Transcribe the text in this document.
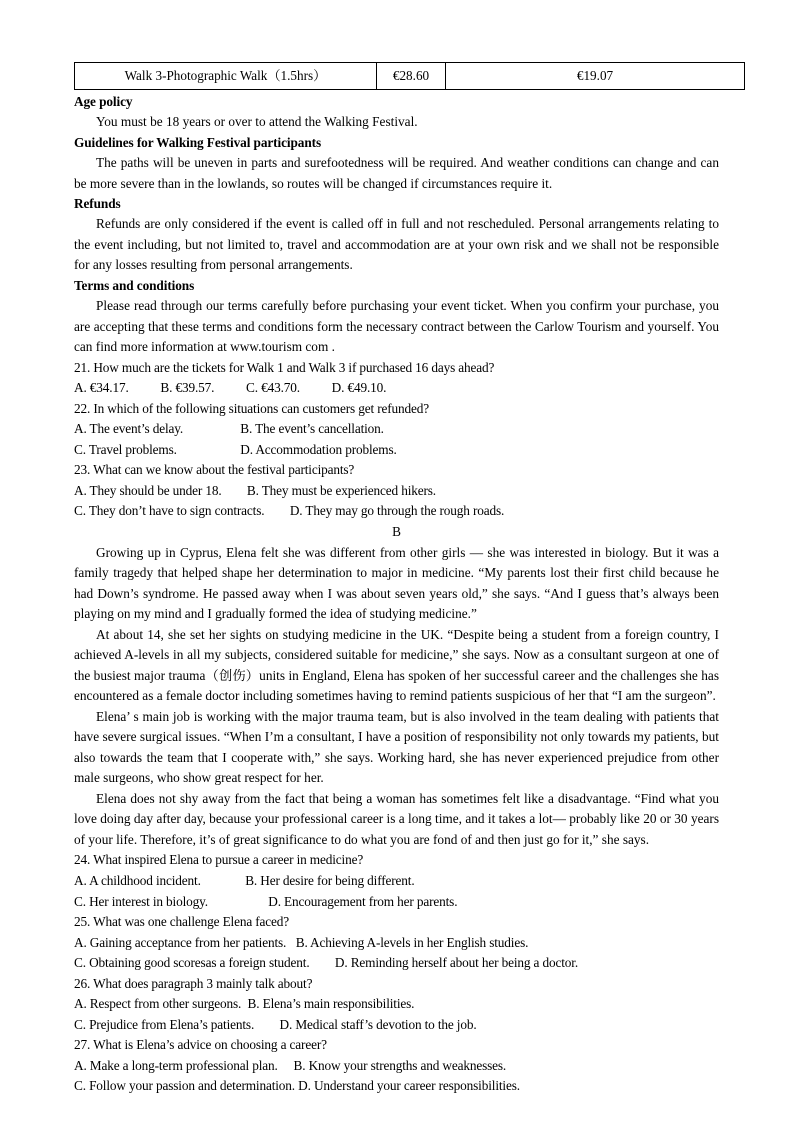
Walk 3-Photographic Walk（1.5hrs）	€28.60	€19.07
Age policy
You must be 18 years or over to attend the Walking Festival.
Guidelines for Walking Festival participants
The paths will be uneven in parts and surefootedness will be required. And weather conditions can change and can be more severe than in the lowlands, so routes will be changed if circumstances require it.
Refunds
Refunds are only considered if the event is called off in full and not rescheduled. Personal arrangements relating to the event including, but not limited to, travel and accommodation are at your own risk and we shall not be responsible for any losses resulting from personal arrangements.
Terms and conditions
Please read through our terms carefully before purchasing your event ticket. When you confirm your purchase, you are accepting that these terms and conditions form the necessary contract between the Carlow Tourism and yourself. You can find more information at www.tourism com .
21. How much are the tickets for Walk 1 and Walk 3 if purchased 16 days ahead?
A. €34.17.          B. €39.57.          C. €43.70.          D. €49.10.
22. In which of the following situations can customers get refunded?
A. The event’s delay.                  B. The event’s cancellation.
C. Travel problems.                    D. Accommodation problems.
23. What can we know about the festival participants?
A. They should be under 18.        B. They must be experienced hikers.
C. They don’t have to sign contracts.        D. They may go through the rough roads.
B
Growing up in Cyprus, Elena felt she was different from other girls — she was interested in biology. But it was a family tragedy that helped shape her determination to major in medicine. “My parents lost their first child because he had Down’s syndrome. He passed away when I was about seven years old,” she says. “And I guess that’s always been playing on my mind and I gradually formed the idea of studying medicine.”
At about 14, she set her sights on studying medicine in the UK. “Despite being a student from a foreign country, I achieved A-levels in all my subjects, considered suitable for medicine,” she says. Now as a consultant surgeon at one of the busiest major trauma（创伤）units in England, Elena has spoken of her successful career and the challenges she has encountered as a female doctor including sometimes having to remind patients suspicious of her that “I am the surgeon”.
Elena’ s main job is working with the major trauma team, but is also involved in the team dealing with patients that have severe surgical issues. “When I’m a consultant, I have a position of responsibility not only towards my patients, but also towards the team that I cooperate with,” she says. Working hard, she has never experienced prejudice from other male surgeons, who show great respect for her.
Elena does not shy away from the fact that being a woman has sometimes felt like a disadvantage. “Find what you love doing day after day, because your professional career is a long time, and it takes a lot— probably like 20 or 30 years of your life. Therefore, it’s of great significance to do what you are fond of and then just go for it,” she says.
24. What inspired Elena to pursue a career in medicine?
A. A childhood incident.              B. Her desire for being different.
C. Her interest in biology.                   D. Encouragement from her parents.
25. What was one challenge Elena faced?
A. Gaining acceptance from her patients.   B. Achieving A-levels in her English studies.
C. Obtaining good scoresas a foreign student.        D. Reminding herself about her being a doctor.
26. What does paragraph 3 mainly talk about?
A. Respect from other surgeons.  B. Elena’s main responsibilities.
C. Prejudice from Elena’s patients.        D. Medical staff’s devotion to the job.
27. What is Elena’s advice on choosing a career?
A. Make a long-term professional plan.     B. Know your strengths and weaknesses.
C. Follow your passion and determination. D. Understand your career responsibilities.
